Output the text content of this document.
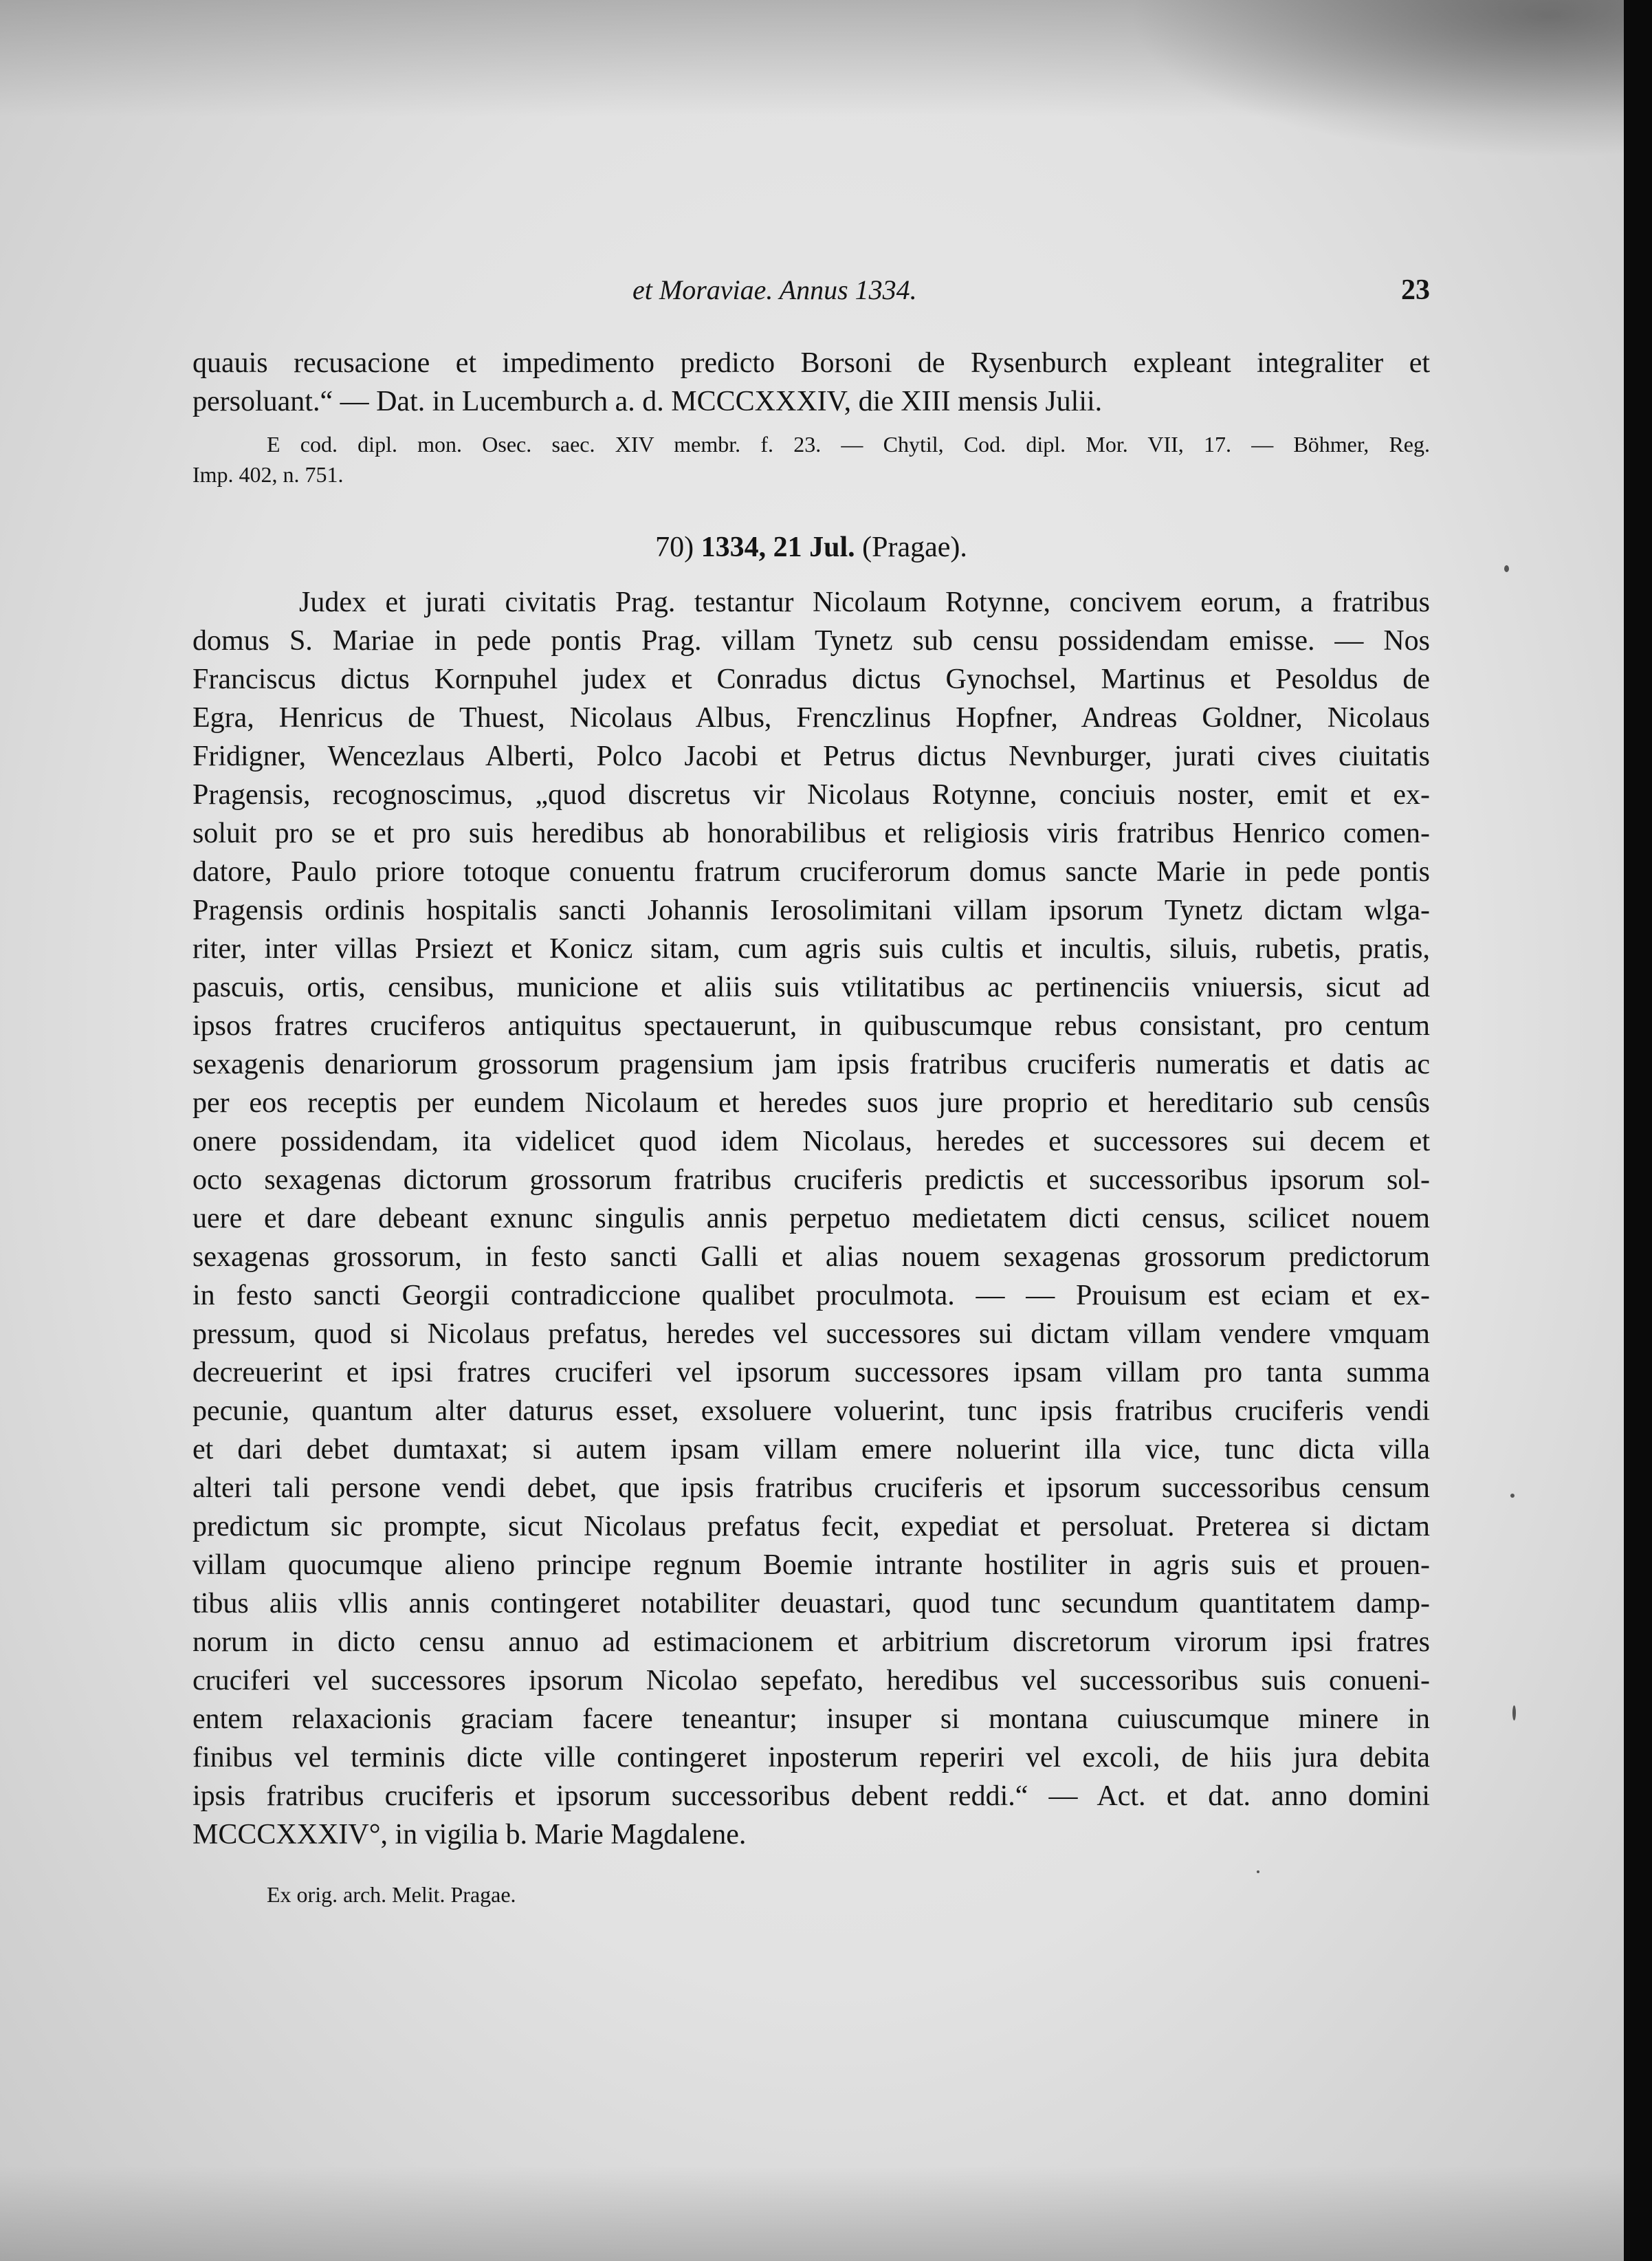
et Moraviae. Annus 1334.	23
quauis recusacione et impedimento predicto Borsoni de Rysenburch expleant integraliter et
persoluant.“ — Dat. in Lucemburch a. d. MCCCXXXIV, die XIII mensis Julii.
E cod. dipl. mon. Osec. saec. XIV membr. f. 23. — Chytil, Cod. dipl. Mor. VII, 17. — Böhmer, Reg.
Imp. 402, n. 751.
70) 1334, 21 Jul. (Pragae).
Judex et jurati civitatis Prag. testantur Nicolaum Rotynne, concivem eorum, a fratribus
domus S. Mariae in pede pontis Prag. villam Tynetz sub censu possidendam emisse. — Nos
Franciscus dictus Kornpuhel judex et Conradus dictus Gynochsel, Martinus et Pesoldus de
Egra, Henricus de Thuest, Nicolaus Albus, Frenczlinus Hopfner, Andreas Goldner, Nicolaus
Fridigner, Wencezlaus Alberti, Polco Jacobi et Petrus dictus Nevnburger, jurati cives ciuitatis
Pragensis, recognoscimus, „quod discretus vir Nicolaus Rotynne, conciuis noster, emit et ex-
soluit pro se et pro suis heredibus ab honorabilibus et religiosis viris fratribus Henrico comen-
datore, Paulo priore totoque conuentu fratrum cruciferorum domus sancte Marie in pede pontis
Pragensis ordinis hospitalis sancti Johannis Ierosolimitani villam ipsorum Tynetz dictam wlga-
riter, inter villas Prsiezt et Konicz sitam, cum agris suis cultis et incultis, siluis, rubetis, pratis,
pascuis, ortis, censibus, municione et aliis suis vtilitatibus ac pertinenciis vniuersis, sicut ad
ipsos fratres cruciferos antiquitus spectauerunt, in quibuscumque rebus consistant, pro centum
sexagenis denariorum grossorum pragensium jam ipsis fratribus cruciferis numeratis et datis ac
per eos receptis per eundem Nicolaum et heredes suos jure proprio et hereditario sub censûs
onere possidendam, ita videlicet quod idem Nicolaus, heredes et successores sui decem et
octo sexagenas dictorum grossorum fratribus cruciferis predictis et successoribus ipsorum sol-
uere et dare debeant exnunc singulis annis perpetuo medietatem dicti census, scilicet nouem
sexagenas grossorum, in festo sancti Galli et alias nouem sexagenas grossorum predictorum
in festo sancti Georgii contradiccione qualibet proculmota. — — Prouisum est eciam et ex-
pressum, quod si Nicolaus prefatus, heredes vel successores sui dictam villam vendere vmquam
decreuerint et ipsi fratres cruciferi vel ipsorum successores ipsam villam pro tanta summa
pecunie, quantum alter daturus esset, exsoluere voluerint, tunc ipsis fratribus cruciferis vendi
et dari debet dumtaxat; si autem ipsam villam emere noluerint illa vice, tunc dicta villa
alteri tali persone vendi debet, que ipsis fratribus cruciferis et ipsorum successoribus censum
predictum sic prompte, sicut Nicolaus prefatus fecit, expediat et persoluat. Preterea si dictam
villam quocumque alieno principe regnum Boemie intrante hostiliter in agris suis et prouen-
tibus aliis vllis annis contingeret notabiliter deuastari, quod tunc secundum quantitatem damp-
norum in dicto censu annuo ad estimacionem et arbitrium discretorum virorum ipsi fratres
cruciferi vel successores ipsorum Nicolao sepefato, heredibus vel successoribus suis conueni-
entem relaxacionis graciam facere teneantur; insuper si montana cuiuscumque minere in
finibus vel terminis dicte ville contingeret inposterum reperiri vel excoli, de hiis jura debita
ipsis fratribus cruciferis et ipsorum successoribus debent reddi.“ — Act. et dat. anno domini
MCCCXXXIV°, in vigilia b. Marie Magdalene.
Ex orig. arch. Melit. Pragae.
